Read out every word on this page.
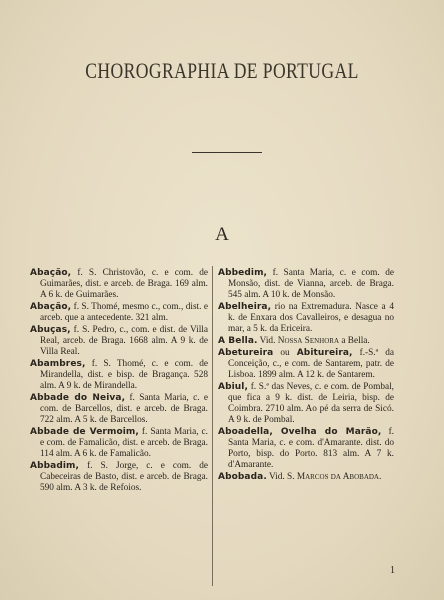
CHOROGRAPHIA DE PORTUGAL
A

Abação, f. S. Christovão, c. e com. de Guimarães, dist. e arceb. de Braga. 169 alm. A 6 k. de Guimarães.

Abação, f. S. Thomé, mesmo c., com., dist. e arceb. que a antecedente. 321 alm.

Abuças, f. S. Pedro, c., com. e dist. de Villa Real, arceb. de Braga. 1668 alm. A 9 k. de Villa Real.

Abambres, f. S. Thomé, c. e com. de Mirandella, dist. e bisp. de Bragança. 528 alm. A 9 k. de Mirandella.

Abbade do Neiva, f. Santa Maria, c. e com. de Barcellos, dist. e arceb. de Braga. 722 alm. A 5 k. de Barcellos.

Abbade de Vermoim, f. Santa Maria, c. e com. de Famalicão, dist. e arceb. de Braga. 114 alm. A 6 k. de Famalicão.

Abbadim, f. S. Jorge, c. e com. de Cabeceiras de Basto, dist. e arceb. de Braga. 590 alm. A 3 k. de Refoios.

Abbedim, f. Santa Maria, c. e com. de Monsão, dist. de Vianna, arceb. de Braga. 545 alm. A 10 k. de Monsão.

Abelheira, rio na Extremadura. Nasce a 4 k. de Enxara dos Cavalleiros, e desagua no mar, a 5 k. da Ericeira.

A Bella. Vid. Nossa Senhora a Bella.

Abetureira ou Abitureira, f.-S.ª da Conceição, c., e com. de Santarem, patr. de Lisboa. 1899 alm. A 12 k. de Santarem.

Abiul, f. S.ª das Neves, c. e com. de Pombal, que fica a 9 k. dist. de Leiria, bisp. de Coimbra. 2710 alm. Ao pé da serra de Sicó. A 9 k. de Pombal.

Aboadella, Ovelha do Marão, f. Santa Maria, c. e com. d'Amarante. dist. do Porto, bisp. do Porto. 813 alm. A 7 k. d'Amarante.

Abobada. Vid. S. Marcos da Abobada.

1
